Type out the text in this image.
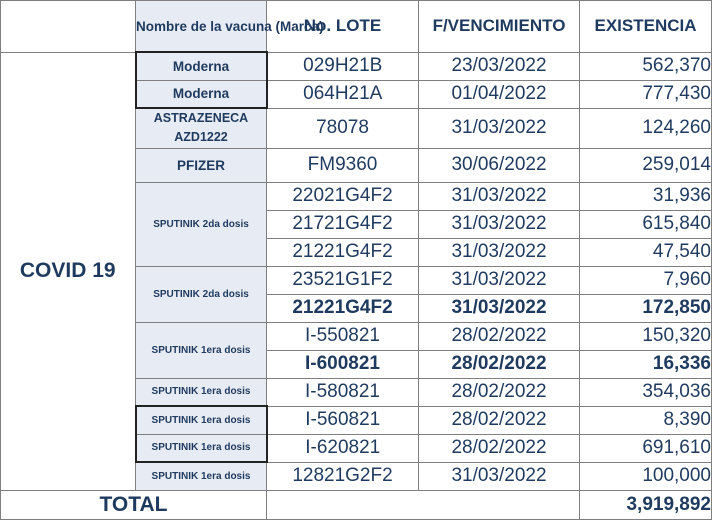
	Nombre de la vacuna (Marca)	No. LOTE	F/VENCIMIENTO	EXISTENCIA
COVID 19	Moderna	029H21B	23/03/2022	562,370
	Moderna	064H21A	01/04/2022	777,430
	ASTRAZENECA AZD1222	78078	31/03/2022	124,260
	PFIZER	FM9360	30/06/2022	259,014
	SPUTINIK 2da dosis	22021G4F2	31/03/2022	31,936
		21721G4F2	31/03/2022	615,840
		21221G4F2	31/03/2022	47,540
	SPUTINIK 2da dosis	23521G1F2	31/03/2022	7,960
		21221G4F2	31/03/2022	172,850
	SPUTINIK 1era dosis	I-550821	28/02/2022	150,320
		I-600821	28/02/2022	16,336
	SPUTINIK 1era dosis	I-580821	28/02/2022	354,036
	SPUTINIK 1era dosis	I-560821	28/02/2022	8,390
	SPUTINIK 1era dosis	I-620821	28/02/2022	691,610
	SPUTINIK 1era dosis	12821G2F2	31/03/2022	100,000
TOTAL				3,919,892
